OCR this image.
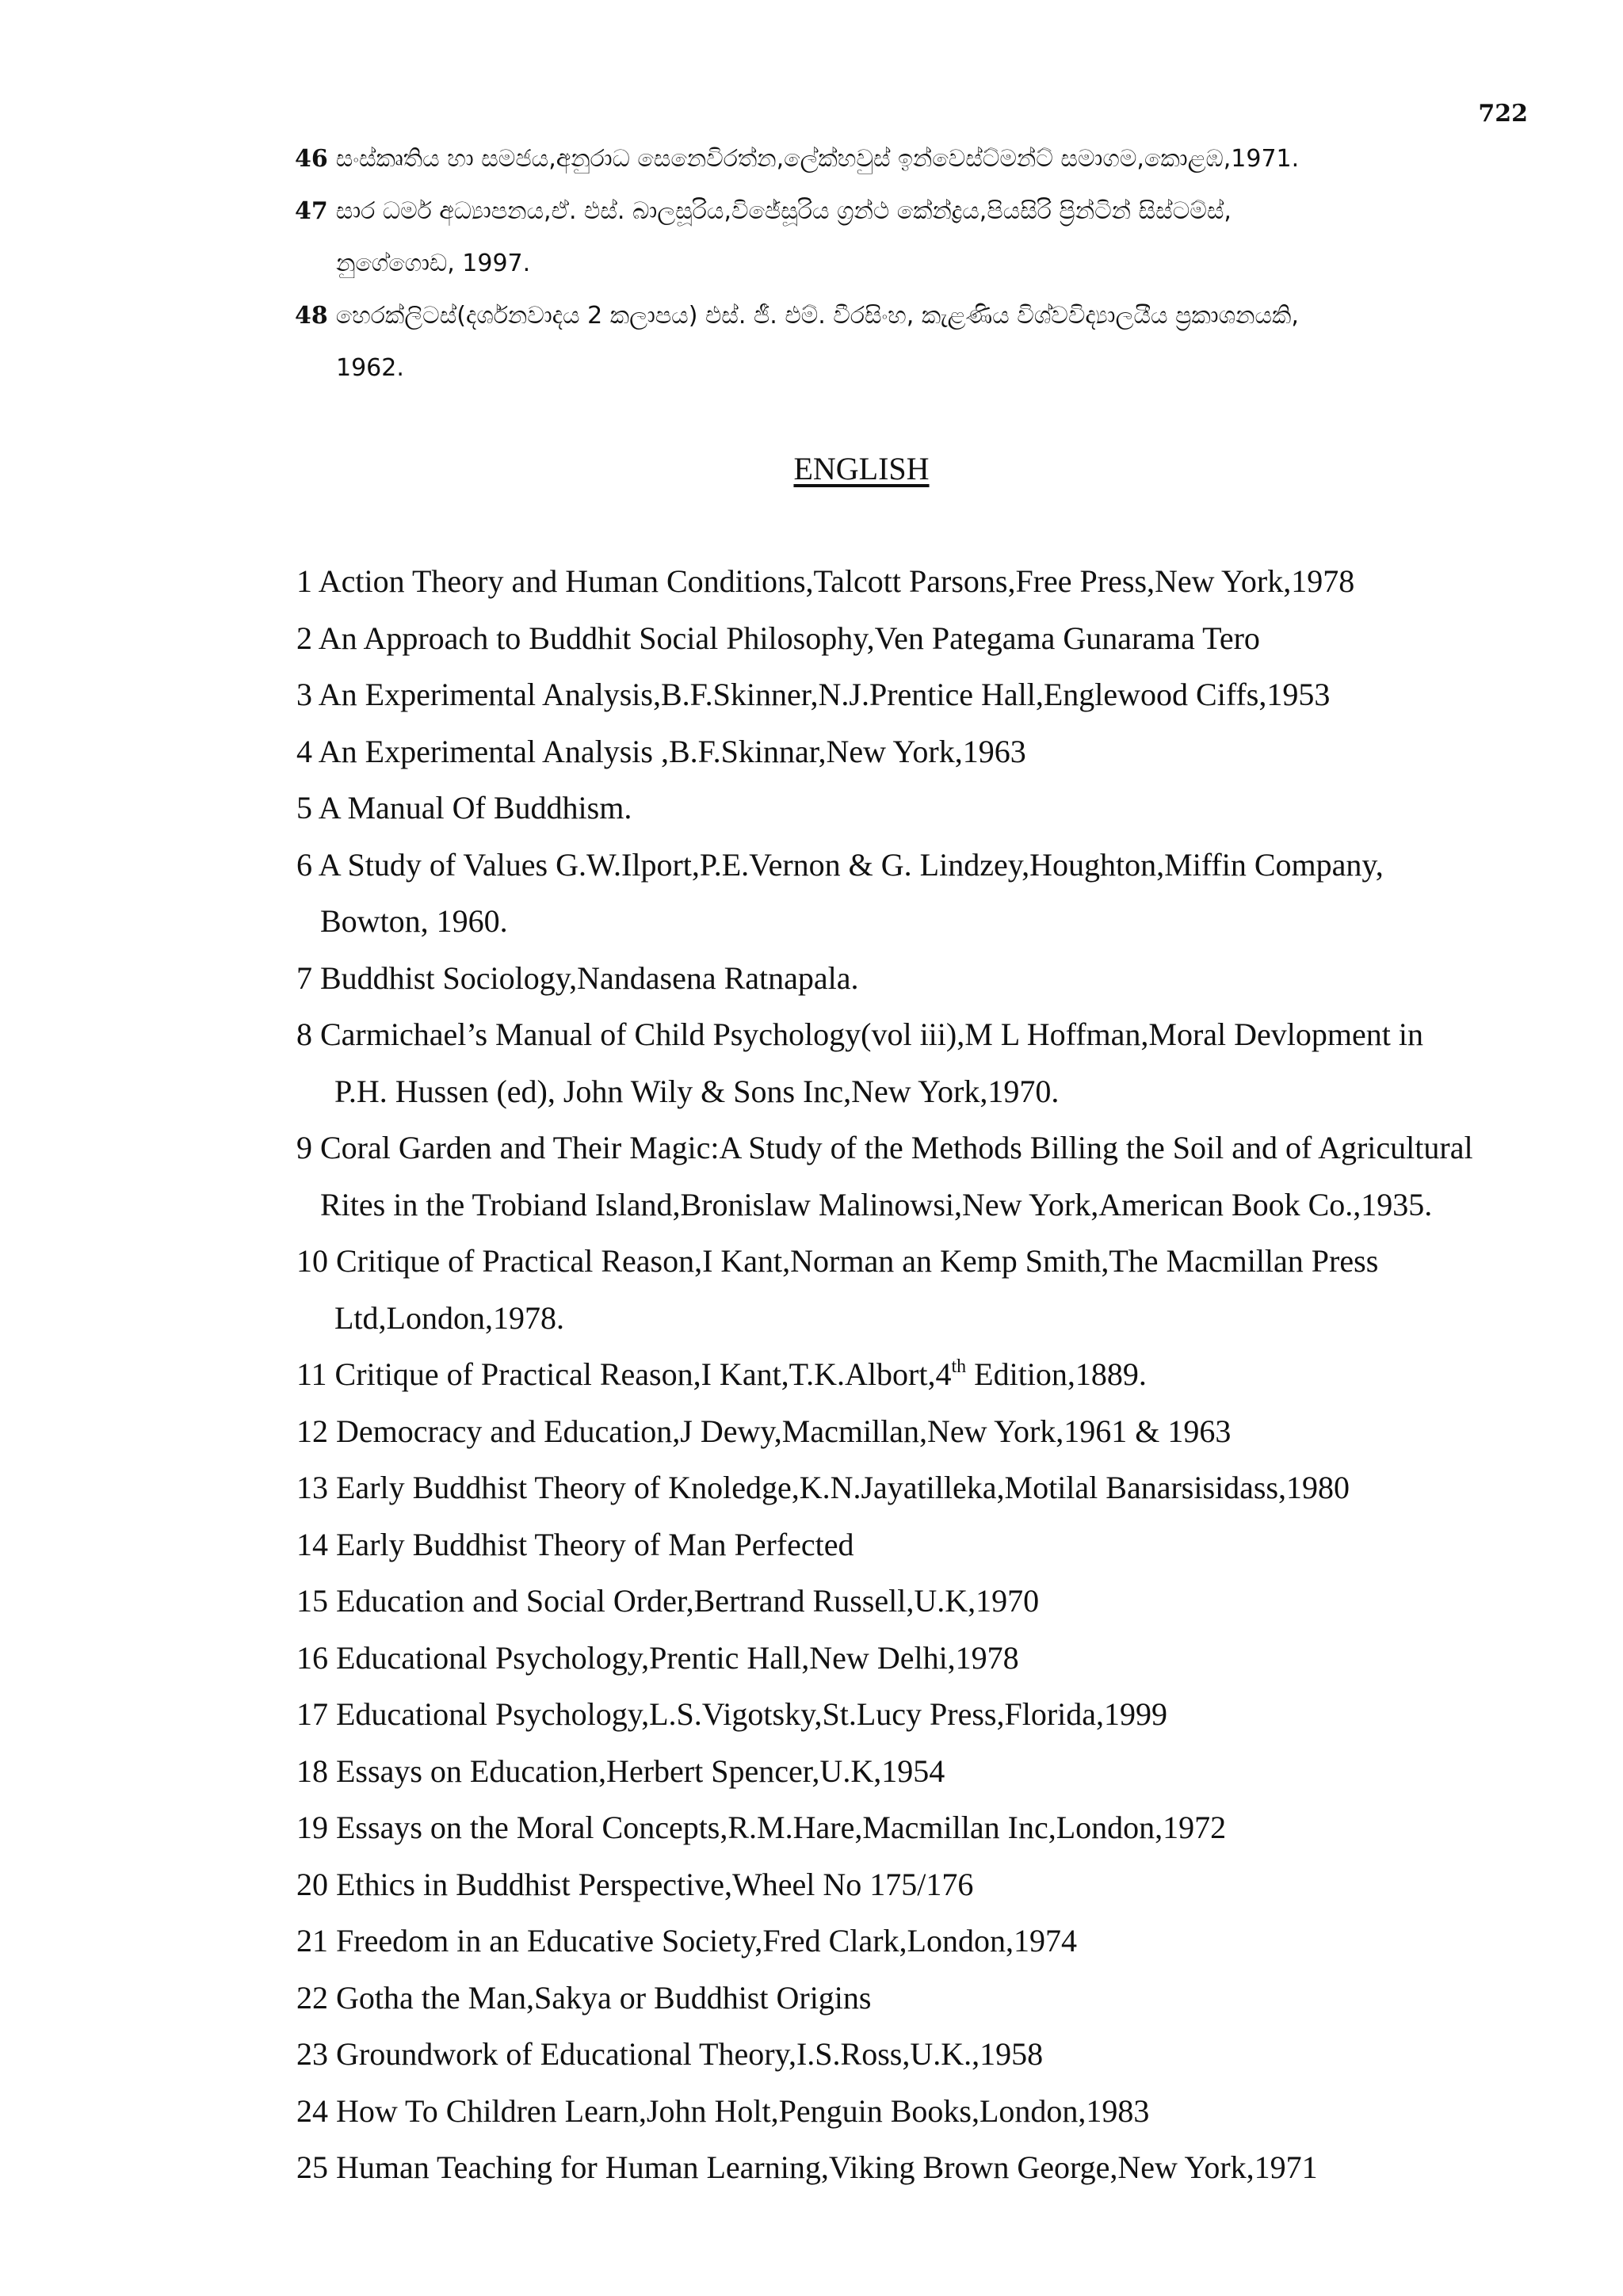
722

46 සංස්කෘතිය හා සමජය,අනුරාධ සෙනෙවිරත්න,ලේක්හවුස් ඉන්වෙස්ට්මන්ට් සමාගම,කොළඹ,1971.

47 සාර ධර්ම අධ්‍යාපනය,ඒ. එස්. බාලසූරිය,විජේසූරිය ග්‍රන්ථ කේන්ද්‍රය,පියසිරි ප්‍රින්ටින් සිස්ටම්ස්,
නුගේගොඩ, 1997.

48 හෙරක්ලිටස්(දර්ශනවාදය 2 කලාපය) එස්. ජී. එම්. වීරසිංහ, කැළණිය විශ්වවිද්‍යාලයීය ප්‍රකාශනයකි,
1962.

ENGLISH

1 Action Theory and Human Conditions,Talcott Parsons,Free Press,New York,1978

2 An Approach to Buddhit Social Philosophy,Ven Pategama Gunarama Tero

3 An Experimental Analysis,B.F.Skinner,N.J.Prentice Hall,Englewood Ciffs,1953

4 An Experimental Analysis ,B.F.Skinnar,New York,1963

5 A Manual Of Buddhism.

6 A Study of Values G.W.Ilport,P.E.Vernon & G. Lindzey,Houghton,Miffin Company,

Bowton, 1960.

7 Buddhist Sociology,Nandasena Ratnapala.

8 Carmichael’s Manual of Child Psychology(vol iii),M L Hoffman,Moral Devlopment in

P.H. Hussen (ed), John Wily & Sons Inc,New York,1970.

9 Coral Garden and Their Magic:A Study of the Methods Billing the Soil and of Agricultural

Rites in the Trobiand Island,Bronislaw Malinowsi,New York,American Book Co.,1935.

10 Critique of Practical Reason,I Kant,Norman an Kemp Smith,The Macmillan Press

Ltd,London,1978.

11 Critique of Practical Reason,I Kant,T.K.Albort,4th Edition,1889.

12 Democracy and Education,J Dewy,Macmillan,New York,1961 & 1963

13 Early Buddhist Theory of Knoledge,K.N.Jayatilleka,Motilal Banarsisidass,1980

14 Early Buddhist Theory of Man Perfected

15 Education and Social Order,Bertrand Russell,U.K,1970

16 Educational Psychology,Prentic Hall,New Delhi,1978

17 Educational Psychology,L.S.Vigotsky,St.Lucy Press,Florida,1999

18 Essays on Education,Herbert Spencer,U.K,1954

19 Essays on the Moral Concepts,R.M.Hare,Macmillan Inc,London,1972

20 Ethics in Buddhist Perspective,Wheel No 175/176

21 Freedom in an Educative Society,Fred Clark,London,1974

22 Gotha the Man,Sakya or Buddhist Origins

23 Groundwork of Educational Theory,I.S.Ross,U.K.,1958

24 How To Children Learn,John Holt,Penguin Books,London,1983

25 Human Teaching for Human Learning,Viking Brown George,New York,1971
